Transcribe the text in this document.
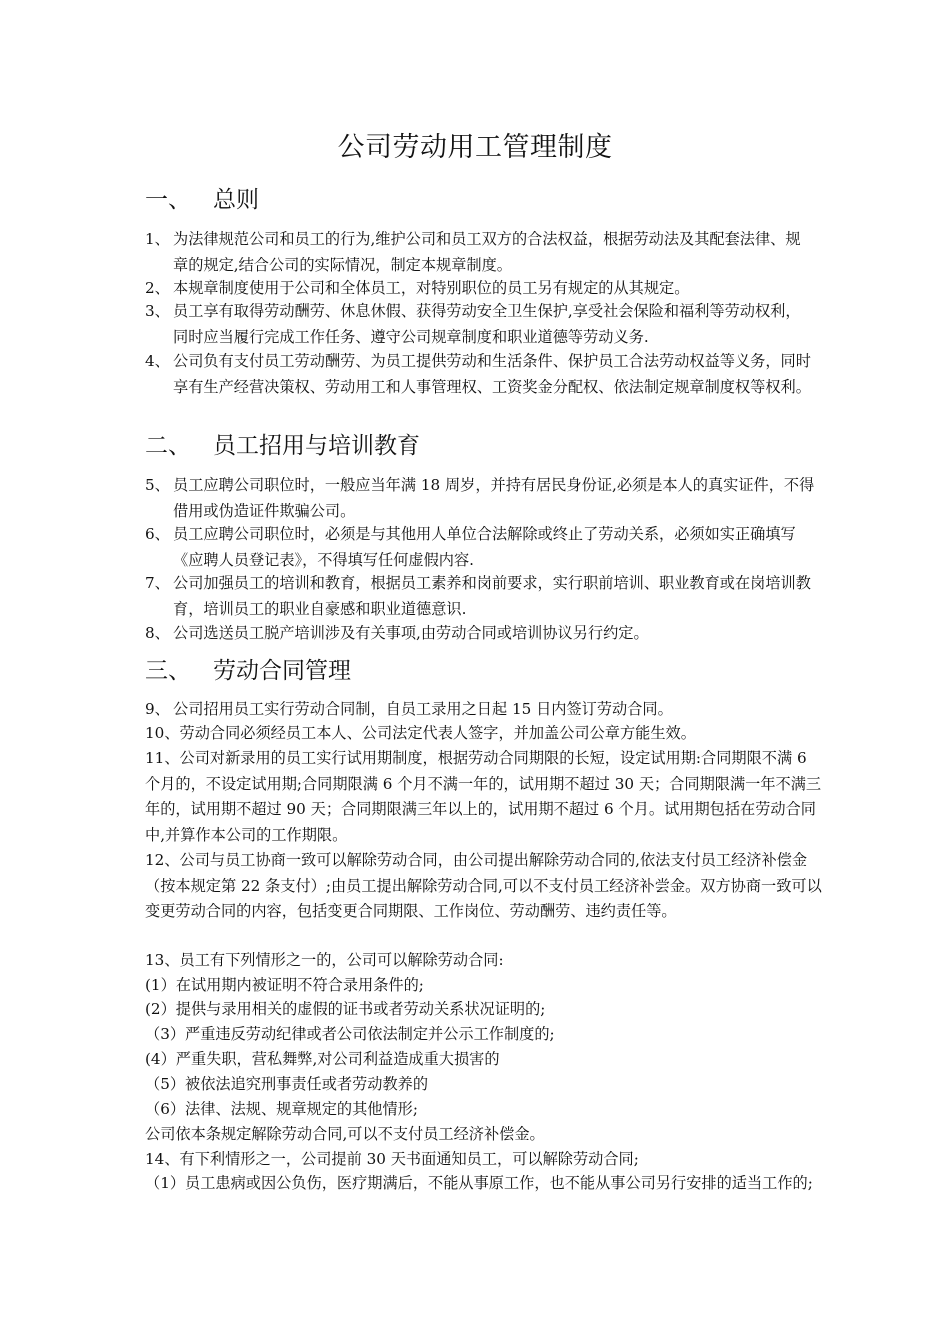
公司劳动用工管理制度
一、 总则
1、 为法律规范公司和员工的行为,维护公司和员工双方的合法权益，根据劳动法及其配套法律、规章的规定,结合公司的实际情况，制定本规章制度。
2、 本规章制度使用于公司和全体员工，对特别职位的员工另有规定的从其规定。
3、 员工享有取得劳动酬劳、休息休假、获得劳动安全卫生保护,享受社会保险和福利等劳动权利，同时应当履行完成工作任务、遵守公司规章制度和职业道德等劳动义务.
4、 公司负有支付员工劳动酬劳、为员工提供劳动和生活条件、保护员工合法劳动权益等义务，同时享有生产经营决策权、劳动用工和人事管理权、工资奖金分配权、依法制定规章制度权等权利。
二、 员工招用与培训教育
5、 员工应聘公司职位时，一般应当年满 18 周岁，并持有居民身份证,必须是本人的真实证件，不得借用或伪造证件欺骗公司。
6、 员工应聘公司职位时，必须是与其他用人单位合法解除或终止了劳动关系，必须如实正确填写《应聘人员登记表》，不得填写任何虚假内容.
7、 公司加强员工的培训和教育，根据员工素养和岗前要求，实行职前培训、职业教育或在岗培训教育，培训员工的职业自豪感和职业道德意识.
8、 公司选送员工脱产培训涉及有关事项,由劳动合同或培训协议另行约定。
三、 劳动合同管理
9、 公司招用员工实行劳动合同制，自员工录用之日起 15 日内签订劳动合同。
10、劳动合同必须经员工本人、公司法定代表人签字，并加盖公司公章方能生效。
11、公司对新录用的员工实行试用期制度，根据劳动合同期限的长短，设定试用期:合同期限不满 6 个月的，不设定试用期;合同期限满 6 个月不满一年的，试用期不超过 30 天；合同期限满一年不满三年的，试用期不超过 90 天；合同期限满三年以上的，试用期不超过 6 个月。试用期包括在劳动合同中,并算作本公司的工作期限。
12、公司与员工协商一致可以解除劳动合同，由公司提出解除劳动合同的,依法支付员工经济补偿金（按本规定第 22 条支付）;由员工提出解除劳动合同,可以不支付员工经济补尝金。双方协商一致可以变更劳动合同的内容，包括变更合同期限、工作岗位、劳动酬劳、违约责任等。
13、员工有下列情形之一的，公司可以解除劳动合同:
(1）在试用期内被证明不符合录用条件的;
(2）提供与录用相关的虚假的证书或者劳动关系状况证明的;
（3）严重违反劳动纪律或者公司依法制定并公示工作制度的;
(4）严重失职，营私舞弊,对公司利益造成重大损害的
（5）被依法追究刑事责任或者劳动教养的
（6）法律、法规、规章规定的其他情形;
公司依本条规定解除劳动合同,可以不支付员工经济补偿金。
14、有下利情形之一，公司提前 30 天书面通知员工，可以解除劳动合同;
（1）员工患病或因公负伤，医疗期满后，不能从事原工作，也不能从事公司另行安排的适当工作的;
